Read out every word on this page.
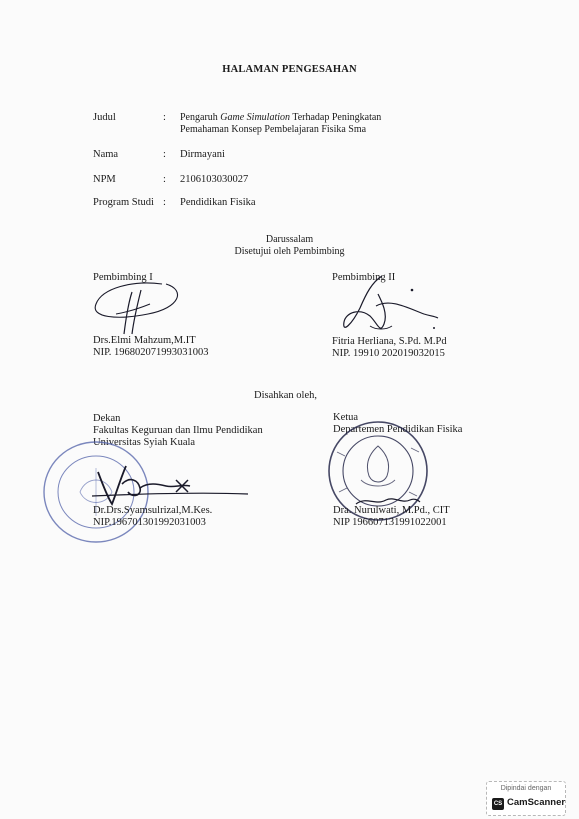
HALAMAN PENGESAHAN
Judul	: Pengaruh Game Simulation Terhadap Peningkatan
Pemahaman Konsep Pembelajaran Fisika Sma
Nama	: Dirmayani
NPM	: 2106103030027
Program Studi : Pendidikan Fisika
Darussalam
Disetujui oleh Pembimbing
Pembimbing I
Drs.Elmi Mahzum,M.IT
NIP. 196802071993031003
Pembimbing II
Fitria Herliana, S.Pd. M.Pd
NIP. 19910 202019032015
Disahkan oleh,
Dekan
Fakultas Keguruan dan Ilmu Pendidikan
Universitas Syiah Kuala
Dr.Drs.Syamsulrizal,M.Kes.
NIP.196701301992031003
Ketua
Departemen Pendidikan Fisika
Dra. Nurulwati, M.Pd., CIT
NIP 196607131991022001
Dipindai dengan
CS CamScanner
